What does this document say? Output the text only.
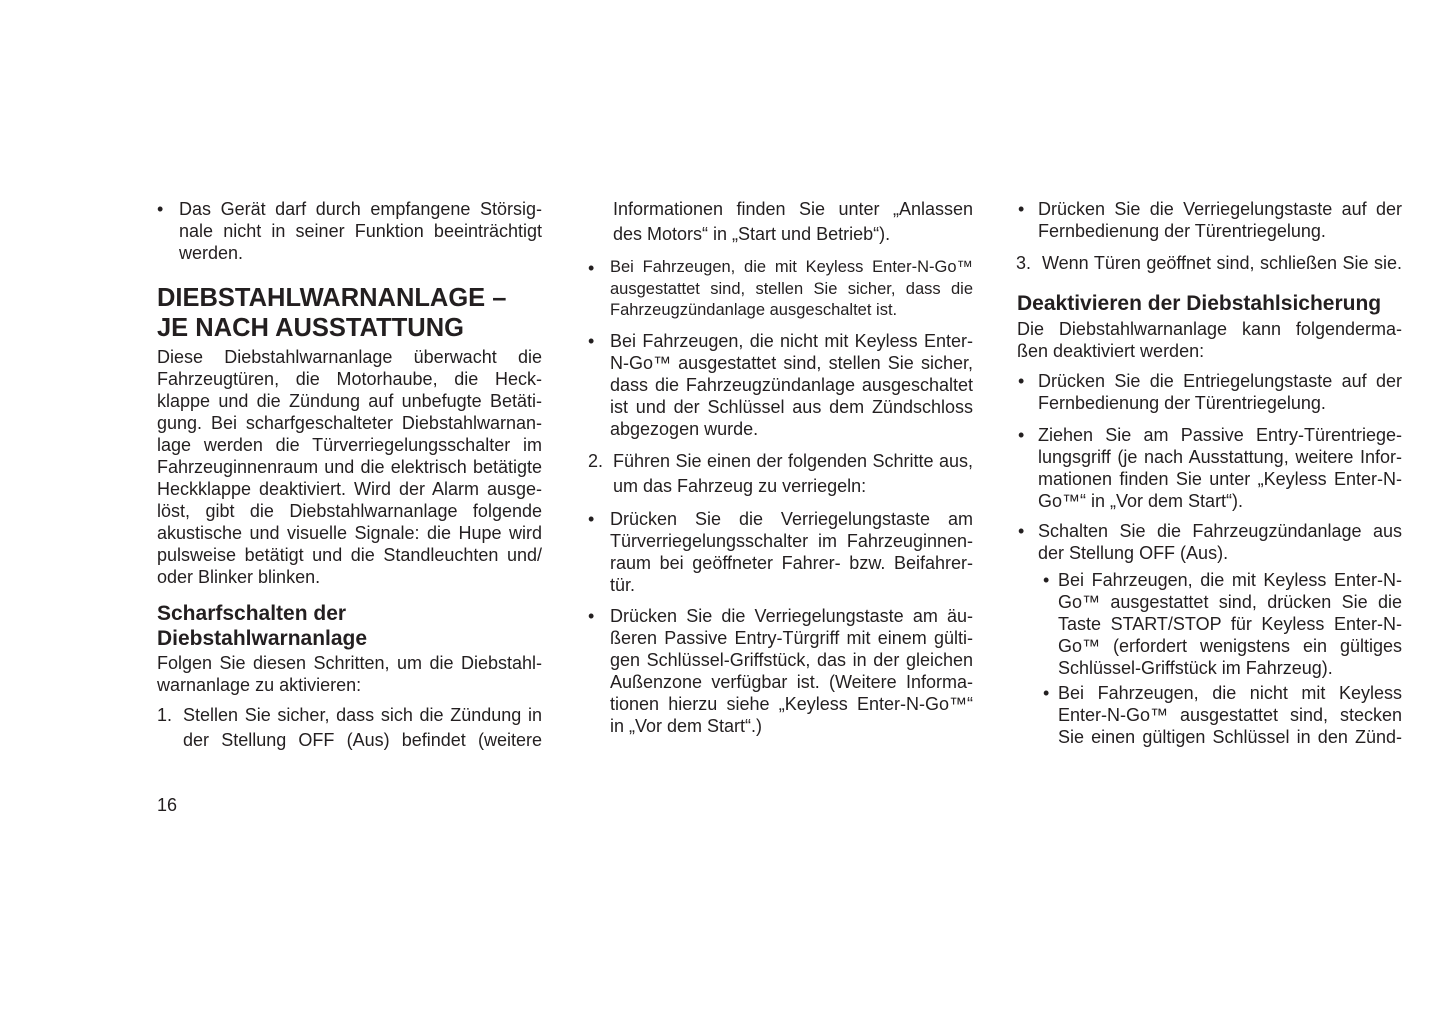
• Das Gerät darf durch empfangene Störsig-
nale nicht in seiner Funktion beeinträchtigt
werden.
DIEBSTAHLWARNANLAGE –
JE NACH AUSSTATTUNG
Diese Diebstahlwarnanlage überwacht die
Fahrzeugtüren, die Motorhaube, die Heck-
klappe und die Zündung auf unbefugte Betäti-
gung. Bei scharfgeschalteter Diebstahlwarnan-
lage werden die Türverriegelungsschalter im
Fahrzeuginnenraum und die elektrisch betätigte
Heckklappe deaktiviert. Wird der Alarm ausge-
löst, gibt die Diebstahlwarnanlage folgende
akustische und visuelle Signale: die Hupe wird
pulsweise betätigt und die Standleuchten und/
oder Blinker blinken.
Scharfschalten der
Diebstahlwarnanlage
Folgen Sie diesen Schritten, um die Diebstahl-
warnanlage zu aktivieren:
1. Stellen Sie sicher, dass sich die Zündung in
der Stellung OFF (Aus) befindet (weitere
16
Informationen finden Sie unter „Anlassen
des Motors“ in „Start und Betrieb“).
• Bei Fahrzeugen, die mit Keyless Enter-N-Go™
ausgestattet sind, stellen Sie sicher, dass die
Fahrzeugzündanlage ausgeschaltet ist.
• Bei Fahrzeugen, die nicht mit Keyless Enter-
N-Go™ ausgestattet sind, stellen Sie sicher,
dass die Fahrzeugzündanlage ausgeschaltet
ist und der Schlüssel aus dem Zündschloss
abgezogen wurde.
2. Führen Sie einen der folgenden Schritte aus,
um das Fahrzeug zu verriegeln:
• Drücken Sie die Verriegelungstaste am
Türverriegelungsschalter im Fahrzeuginnen-
raum bei geöffneter Fahrer- bzw. Beifahrer-
tür.
• Drücken Sie die Verriegelungstaste am äu-
ßeren Passive Entry-Türgriff mit einem gülti-
gen Schlüssel-Griffstück, das in der gleichen
Außenzone verfügbar ist. (Weitere Informa-
tionen hierzu siehe „Keyless Enter-N-Go™“
in „Vor dem Start“.)
• Drücken Sie die Verriegelungstaste auf der
Fernbedienung der Türentriegelung.
3. Wenn Türen geöffnet sind, schließen Sie sie.
Deaktivieren der Diebstahlsicherung
Die Diebstahlwarnanlage kann folgenderma-
ßen deaktiviert werden:
• Drücken Sie die Entriegelungstaste auf der
Fernbedienung der Türentriegelung.
• Ziehen Sie am Passive Entry-Türentriege-
lungsgriff (je nach Ausstattung, weitere Infor-
mationen finden Sie unter „Keyless Enter-N-
Go™“ in „Vor dem Start“).
• Schalten Sie die Fahrzeugzündanlage aus
der Stellung OFF (Aus).
• Bei Fahrzeugen, die mit Keyless Enter-N-
Go™ ausgestattet sind, drücken Sie die
Taste START/STOP für Keyless Enter-N-
Go™ (erfordert wenigstens ein gültiges
Schlüssel-Griffstück im Fahrzeug).
• Bei Fahrzeugen, die nicht mit Keyless
Enter-N-Go™ ausgestattet sind, stecken
Sie einen gültigen Schlüssel in den Zünd-
